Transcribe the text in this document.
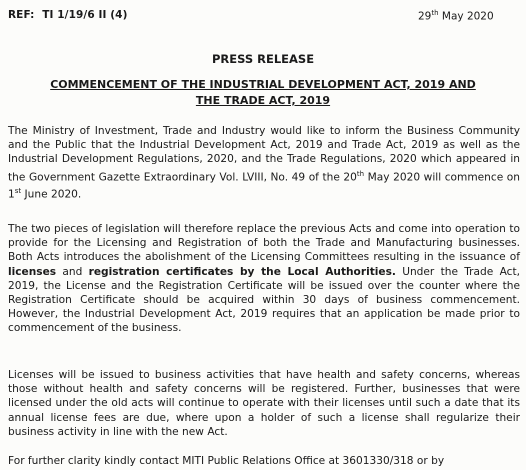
REF: TI 1/19/6 II (4)	29th May 2020
PRESS RELEASE
COMMENCEMENT OF THE INDUSTRIAL DEVELOPMENT ACT, 2019 AND
THE TRADE ACT, 2019

The Ministry of Investment, Trade and Industry would like to inform the Business Community and the Public that the Industrial Development Act, 2019 and Trade Act, 2019 as well as the Industrial Development Regulations, 2020, and the Trade Regulations, 2020 which appeared in the Government Gazette Extraordinary Vol. LVIII, No. 49 of the 20th May 2020 will commence on 1st June 2020.

The two pieces of legislation will therefore replace the previous Acts and come into operation to provide for the Licensing and Registration of both the Trade and Manufacturing businesses. Both Acts introduces the abolishment of the Licensing Committees resulting in the issuance of licenses and registration certificates by the Local Authorities. Under the Trade Act, 2019, the License and the Registration Certificate will be issued over the counter where the Registration Certificate should be acquired within 30 days of business commencement. However, the Industrial Development Act, 2019 requires that an application be made prior to commencement of the business.

Licenses will be issued to business activities that have health and safety concerns, whereas those without health and safety concerns will be registered. Further, businesses that were licensed under the old acts will continue to operate with their licenses until such a date that its annual license fees are due, where upon a holder of such a license shall regularize their business activity in line with the new Act.

For further clarity kindly contact MITI Public Relations Office at 3601330/318 or by
